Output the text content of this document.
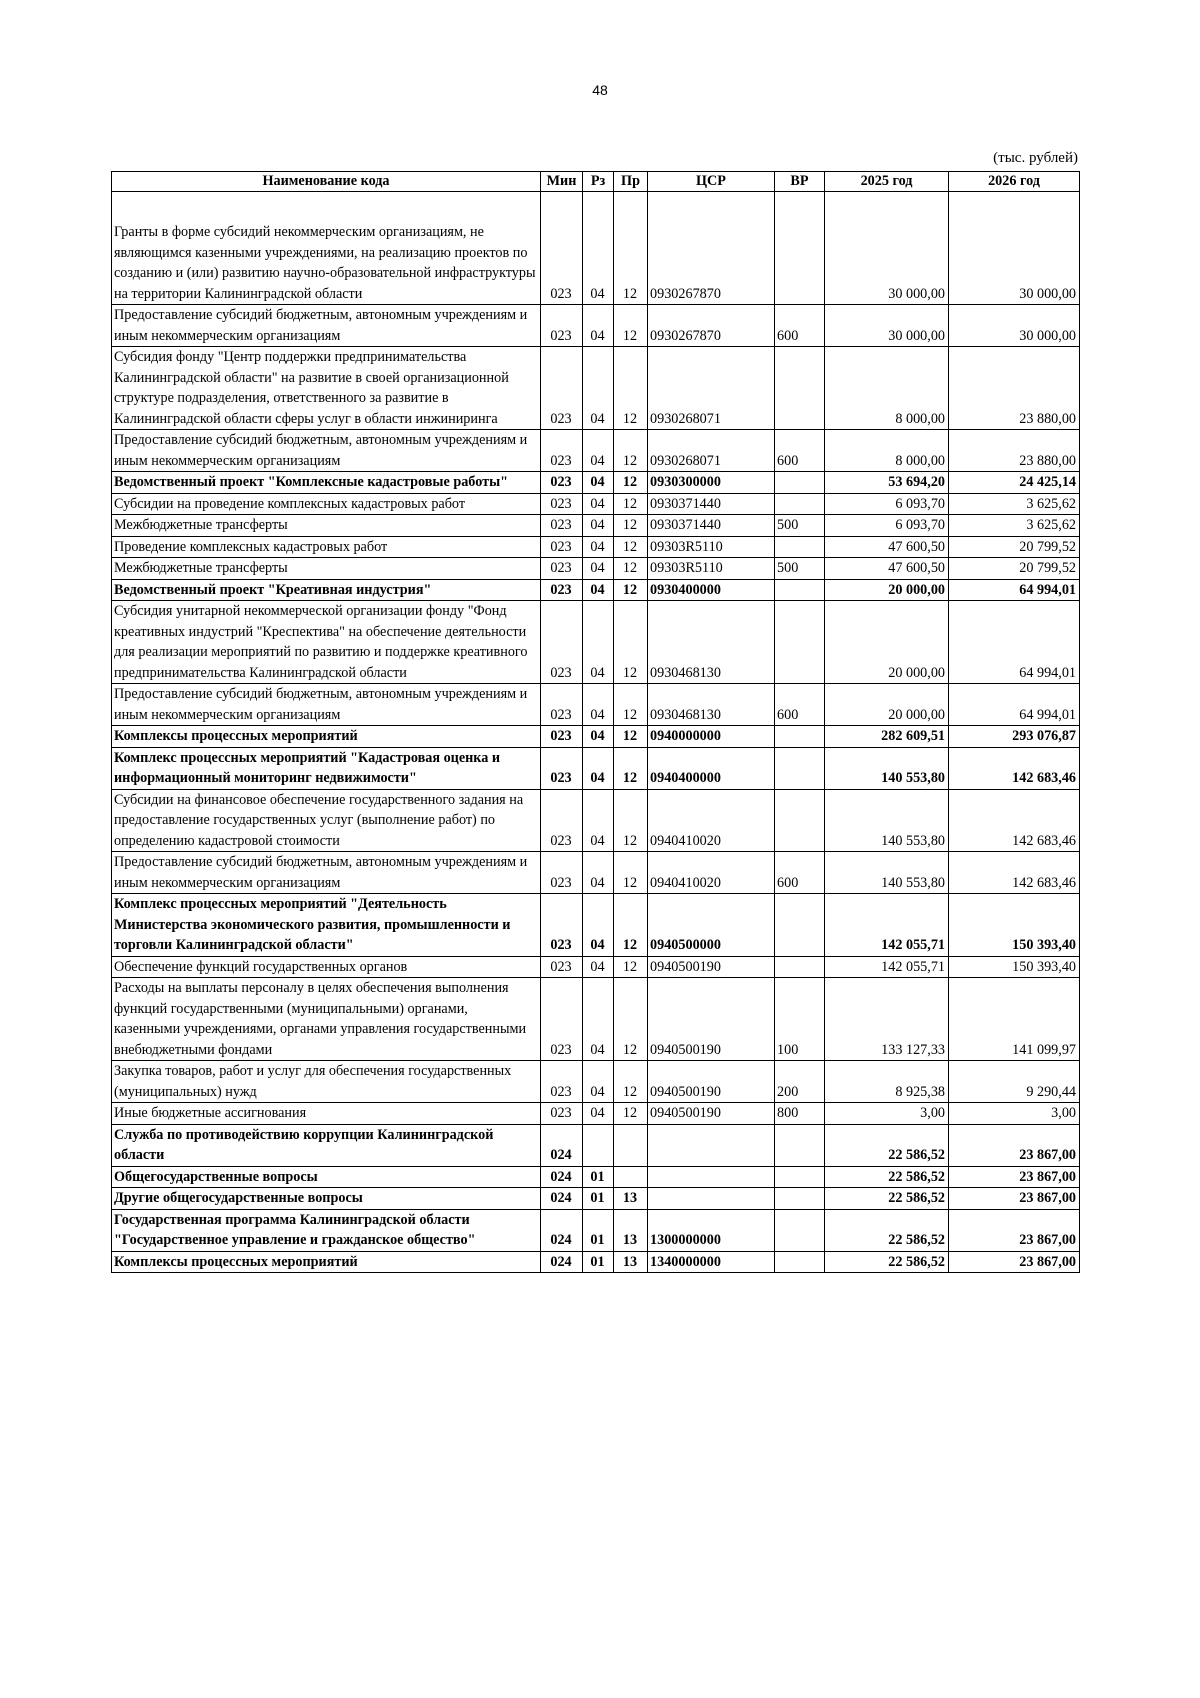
48
(тыс. рублей)
Наименование кода	Мин	Рз	Пр	ЦСР	ВР	2025 год	2026 год

Гранты в форме субсидий некоммерческим организациям, не являющимся казенными учреждениями, на реализацию проектов по созданию и (или) развитию научно-образовательной инфраструктуры на территории Калининградской области	023	04	12	0930267870		30 000,00	30 000,00
Предоставление субсидий бюджетным, автономным учреждениям и иным некоммерческим организациям	023	04	12	0930267870	600	30 000,00	30 000,00
Субсидия фонду "Центр поддержки предпринимательства Калининградской области" на развитие в своей организационной структуре подразделения, ответственного за развитие в Калининградской области сферы услуг в области инжиниринга	023	04	12	0930268071		8 000,00	23 880,00
Предоставление субсидий бюджетным, автономным учреждениям и иным некоммерческим организациям	023	04	12	0930268071	600	8 000,00	23 880,00
Ведомственный проект "Комплексные кадастровые работы"	023	04	12	0930300000		53 694,20	24 425,14
Субсидии на проведение комплексных кадастровых работ	023	04	12	0930371440		6 093,70	3 625,62
Межбюджетные трансферты	023	04	12	0930371440	500	6 093,70	3 625,62
Проведение комплексных кадастровых работ	023	04	12	09303R5110		47 600,50	20 799,52
Межбюджетные трансферты	023	04	12	09303R5110	500	47 600,50	20 799,52
Ведомственный проект "Креативная индустрия"	023	04	12	0930400000		20 000,00	64 994,01
Субсидия унитарной некоммерческой организации фонду "Фонд креативных индустрий "Креспектива" на обеспечение деятельности для реализации мероприятий по развитию и поддержке креативного предпринимательства Калининградской области	023	04	12	0930468130		20 000,00	64 994,01
Предоставление субсидий бюджетным, автономным учреждениям и иным некоммерческим организациям	023	04	12	0930468130	600	20 000,00	64 994,01
Комплексы процессных мероприятий	023	04	12	0940000000		282 609,51	293 076,87
Комплекс процессных мероприятий "Кадастровая оценка и информационный мониторинг недвижимости"	023	04	12	0940400000		140 553,80	142 683,46
Субсидии на финансовое обеспечение государственного задания на предоставление государственных услуг (выполнение работ) по определению кадастровой стоимости	023	04	12	0940410020		140 553,80	142 683,46
Предоставление субсидий бюджетным, автономным учреждениям и иным некоммерческим организациям	023	04	12	0940410020	600	140 553,80	142 683,46
Комплекс процессных мероприятий "Деятельность Министерства экономического развития, промышленности и торговли Калининградской области"	023	04	12	0940500000		142 055,71	150 393,40
Обеспечение функций государственных органов	023	04	12	0940500190		142 055,71	150 393,40
Расходы на выплаты персоналу в целях обеспечения выполнения функций государственными (муниципальными) органами, казенными учреждениями, органами управления государственными внебюджетными фондами	023	04	12	0940500190	100	133 127,33	141 099,97
Закупка товаров, работ и услуг для обеспечения государственных (муниципальных) нужд	023	04	12	0940500190	200	8 925,38	9 290,44
Иные бюджетные ассигнования	023	04	12	0940500190	800	3,00	3,00
Служба по противодействию коррупции Калининградской области	024					22 586,52	23 867,00
Общегосударственные вопросы	024	01				22 586,52	23 867,00
Другие общегосударственные вопросы	024	01	13			22 586,52	23 867,00
Государственная программа Калининградской области "Государственное управление и гражданское общество"	024	01	13	1300000000		22 586,52	23 867,00
Комплексы процессных мероприятий	024	01	13	1340000000		22 586,52	23 867,00
